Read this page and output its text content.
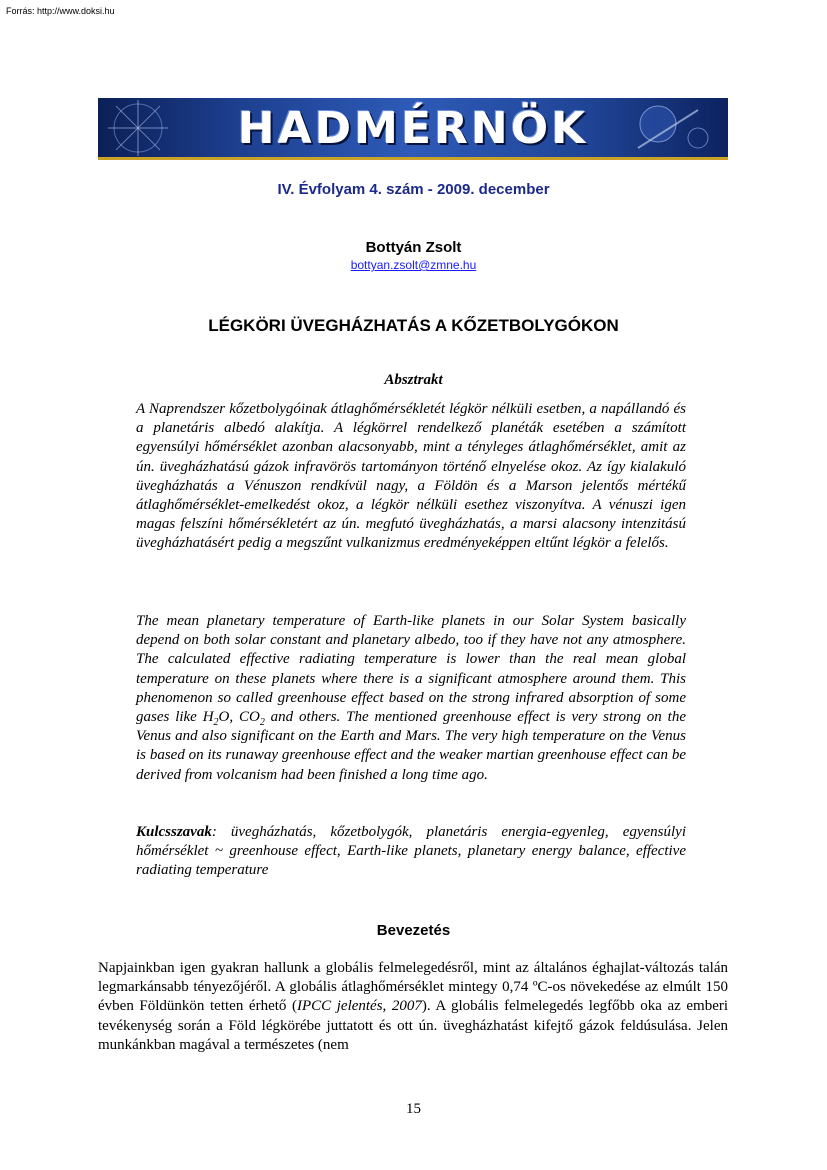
Forrás: http://www.doksi.hu
HADMÉRNÖK
IV. Évfolyam 4. szám - 2009. december
Bottyán Zsolt
bottyan.zsolt@zmne.hu
LÉGKÖRI ÜVEGHÁZHATÁS A KŐZETBOLYGÓKON
Absztrakt

A Naprendszer kőzetbolygóinak átlaghőmérsékletét légkör nélküli esetben, a napállandó és a planetáris albedó alakítja. A légkörrel rendelkező planéták esetében a számított egyensúlyi hőmérséklet azonban alacsonyabb, mint a tényleges átlaghőmérséklet, amit az ún. üvegházhatású gázok infravörös tartományon történő elnyelése okoz. Az így kialakuló üvegházhatás a Vénuszon rendkívül nagy, a Földön és a Marson jelentős mértékű átlaghőmérséklet-emelkedést okoz, a légkör nélküli esethez viszonyítva. A vénuszi igen magas felszíni hőmérsékletért az ún. megfutó üvegházhatás, a marsi alacsony intenzitású üvegházhatásért pedig a megszűnt vulkanizmus eredményeképpen eltűnt légkör a felelős.

The mean planetary temperature of Earth-like planets in our Solar System basically depend on both solar constant and planetary albedo, too if they have not any atmosphere. The calculated effective radiating temperature is lower than the real mean global temperature on these planets where there is a significant atmosphere around them. This phenomenon so called greenhouse effect based on the strong infrared absorption of some gases like $H_2O$, $CO_2$ and others. The mentioned greenhouse effect is very strong on the Venus and also significant on the Earth and Mars. The very high temperature on the Venus is based on its runaway greenhouse effect and the weaker martian greenhouse effect can be derived from volcanism had been finished a long time ago.

Kulcsszavak: üvegházhatás, kőzetbolygók, planetáris energia-egyenleg, egyensúlyi hőmérséklet ~ greenhouse effect, Earth-like planets, planetary energy balance, effective radiating temperature

Bevezetés

Napjainkban igen gyakran hallunk a globális felmelegedésről, mint az általános éghajlat-változás talán legmarkánsabb tényezőjéről. A globális átlaghőmérséklet mintegy 0,74 ºC-os növekedése az elmúlt 150 évben Földünkön tetten érhető (IPCC jelentés, 2007). A globális felmelegedés legfőbb oka az emberi tevékenység során a Föld légkörébe juttatott és ott ún. üvegházhatást kifejtő gázok feldúsulása. Jelen munkánkban magával a természetes (nem

15
